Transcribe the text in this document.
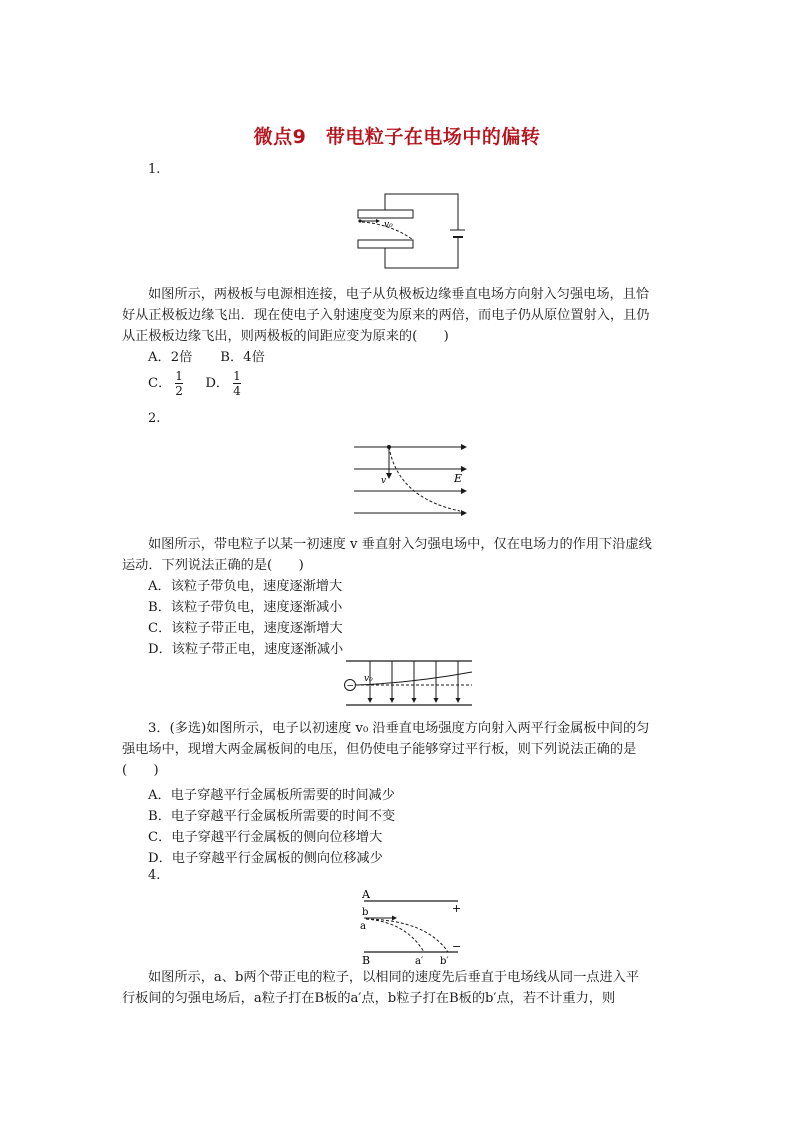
微点9　带电粒子在电场中的偏转
1.
v₀
如图所示，两极板与电源相连接，电子从负极板边缘垂直电场方向射入匀强电场，且恰好从正极板边缘飞出．现在使电子入射速度变为原来的两倍，而电子仍从原位置射入，且仍从正极板边缘飞出，则两极板的间距应变为原来的(　　)
A．2倍 B．4倍
C． $\frac{1}{2}$ D． $\frac{1}{4}$
2.
v	E
如图所示，带电粒子以某一初速度 v 垂直射入匀强电场中，仅在电场力的作用下沿虚线运动．下列说法正确的是(　　)
A．该粒子带负电，速度逐渐增大
B．该粒子带负电，速度逐渐减小
C．该粒子带正电，速度逐渐增大
D．该粒子带正电，速度逐渐减小
−
v₀
3．(多选)如图所示，电子以初速度 v₀ 沿垂直电场强度方向射入两平行金属板中间的匀强电场中，现增大两金属板间的电压，但仍使电子能够穿过平行板，则下列说法正确的是(　　)
A．电子穿越平行金属板所需要的时间减少
B．电子穿越平行金属板所需要的时间不变
C．电子穿越平行金属板的侧向位移增大
D．电子穿越平行金属板的侧向位移减少
4.
A
B
+
−
b
a
a′ b′
如图所示，a、b两个带正电的粒子，以相同的速度先后垂直于电场线从同一点进入平行板间的匀强电场后，a粒子打在B板的a′点，b粒子打在B板的b′点，若不计重力，则
